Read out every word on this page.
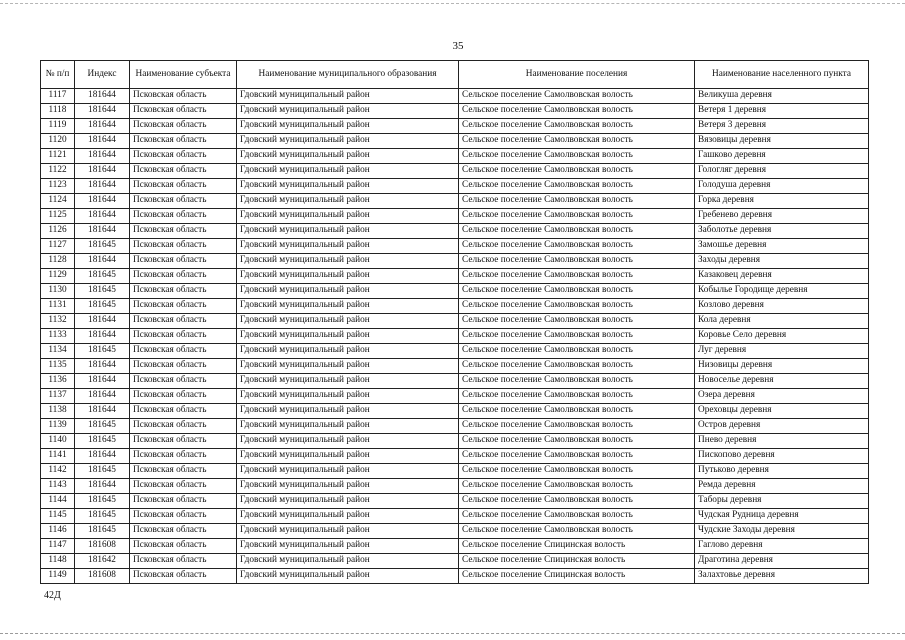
35
№ п/п	Индекс	Наименование субъекта	Наименование муниципального образования	Наименование поселения	Наименование населенного пункта
1117	181644	Псковская область	Гдовский муниципальный район	Сельское поселение Самолвовская волость	Великуша деревня
1118	181644	Псковская область	Гдовский муниципальный район	Сельское поселение Самолвовская волость	Ветеря 1 деревня
1119	181644	Псковская область	Гдовский муниципальный район	Сельское поселение Самолвовская волость	Ветеря 3 деревня
1120	181644	Псковская область	Гдовский муниципальный район	Сельское поселение Самолвовская волость	Вязовицы деревня
1121	181644	Псковская область	Гдовский муниципальный район	Сельское поселение Самолвовская волость	Гашково деревня
1122	181644	Псковская область	Гдовский муниципальный район	Сельское поселение Самолвовская волость	Гологляг деревня
1123	181644	Псковская область	Гдовский муниципальный район	Сельское поселение Самолвовская волость	Голодуша деревня
1124	181644	Псковская область	Гдовский муниципальный район	Сельское поселение Самолвовская волость	Горка деревня
1125	181644	Псковская область	Гдовский муниципальный район	Сельское поселение Самолвовская волость	Гребенево деревня
1126	181644	Псковская область	Гдовский муниципальный район	Сельское поселение Самолвовская волость	Заболотье деревня
1127	181645	Псковская область	Гдовский муниципальный район	Сельское поселение Самолвовская волость	Замошье деревня
1128	181644	Псковская область	Гдовский муниципальный район	Сельское поселение Самолвовская волость	Заходы деревня
1129	181645	Псковская область	Гдовский муниципальный район	Сельское поселение Самолвовская волость	Казаковец деревня
1130	181645	Псковская область	Гдовский муниципальный район	Сельское поселение Самолвовская волость	Кобылье Городище деревня
1131	181645	Псковская область	Гдовский муниципальный район	Сельское поселение Самолвовская волость	Козлово деревня
1132	181644	Псковская область	Гдовский муниципальный район	Сельское поселение Самолвовская волость	Кола деревня
1133	181644	Псковская область	Гдовский муниципальный район	Сельское поселение Самолвовская волость	Коровье Село деревня
1134	181645	Псковская область	Гдовский муниципальный район	Сельское поселение Самолвовская волость	Луг деревня
1135	181644	Псковская область	Гдовский муниципальный район	Сельское поселение Самолвовская волость	Низовицы деревня
1136	181644	Псковская область	Гдовский муниципальный район	Сельское поселение Самолвовская волость	Новоселье деревня
1137	181644	Псковская область	Гдовский муниципальный район	Сельское поселение Самолвовская волость	Озера деревня
1138	181644	Псковская область	Гдовский муниципальный район	Сельское поселение Самолвовская волость	Ореховцы деревня
1139	181645	Псковская область	Гдовский муниципальный район	Сельское поселение Самолвовская волость	Остров деревня
1140	181645	Псковская область	Гдовский муниципальный район	Сельское поселение Самолвовская волость	Пнево деревня
1141	181644	Псковская область	Гдовский муниципальный район	Сельское поселение Самолвовская волость	Пископово деревня
1142	181645	Псковская область	Гдовский муниципальный район	Сельское поселение Самолвовская волость	Путьково деревня
1143	181644	Псковская область	Гдовский муниципальный район	Сельское поселение Самолвовская волость	Ремда деревня
1144	181645	Псковская область	Гдовский муниципальный район	Сельское поселение Самолвовская волость	Таборы деревня
1145	181645	Псковская область	Гдовский муниципальный район	Сельское поселение Самолвовская волость	Чудская Рудница деревня
1146	181645	Псковская область	Гдовский муниципальный район	Сельское поселение Самолвовская волость	Чудские Заходы деревня
1147	181608	Псковская область	Гдовский муниципальный район	Сельское поселение Спицинская волость	Гаглово деревня
1148	181642	Псковская область	Гдовский муниципальный район	Сельское поселение Спицинская волость	Драготина деревня
1149	181608	Псковская область	Гдовский муниципальный район	Сельское поселение Спицинская волость	Залахтовье деревня
42Д
